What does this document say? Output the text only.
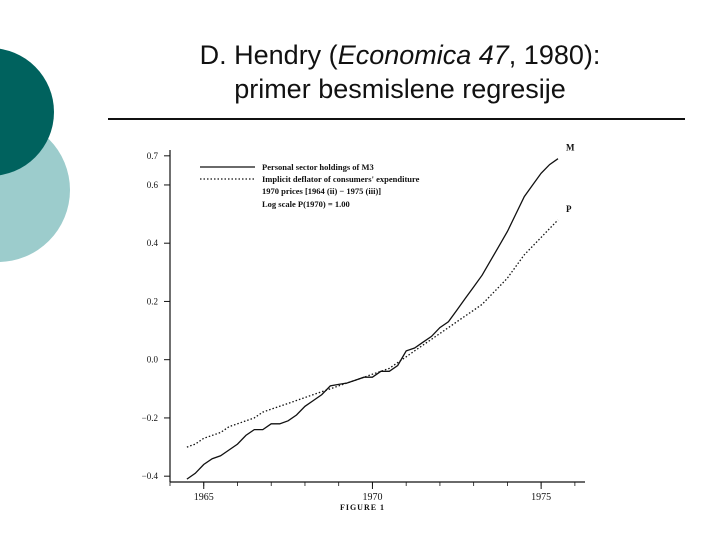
D. Hendry (Economica 47, 1980):
primer besmislene regresije
−0.4
−0.2
0.0
0.2
0.4
0.6
0.7
1965	1970	1975
FIGURE 1
Personal sector holdings of M3
Implicit deflator of consumers' expenditure
1970 prices [1964 (ii) − 1975 (iii)]
Log scale P(1970) = 1.00
M
P
